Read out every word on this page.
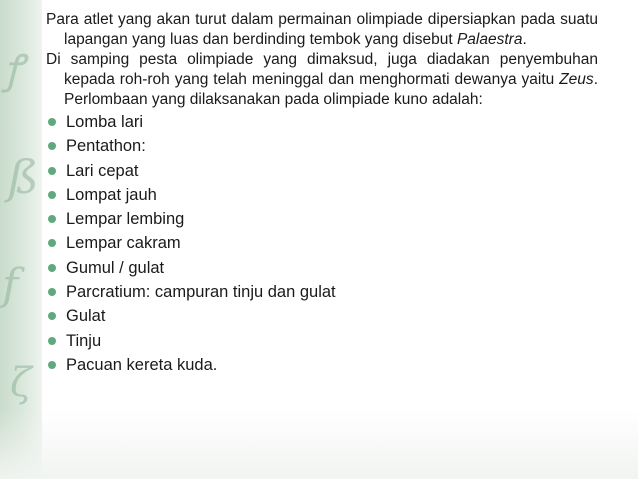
ꝭ
ß
ƒ
ζ

Para atlet yang akan turut dalam permainan olimpiade dipersiapkan pada suatu lapangan yang luas dan berdinding tembok yang disebut Palaestra.

Di samping pesta olimpiade yang dimaksud, juga diadakan penyembuhan kepada roh-roh yang telah meninggal dan menghormati dewanya yaitu Zeus. Perlombaan yang dilaksanakan pada olimpiade kuno adalah:

Lomba lari
Pentathon:
Lari cepat
Lompat jauh
Lempar lembing
Lempar cakram
Gumul / gulat
Parcratium: campuran tinju dan gulat
Gulat
Tinju
Pacuan kereta kuda.
